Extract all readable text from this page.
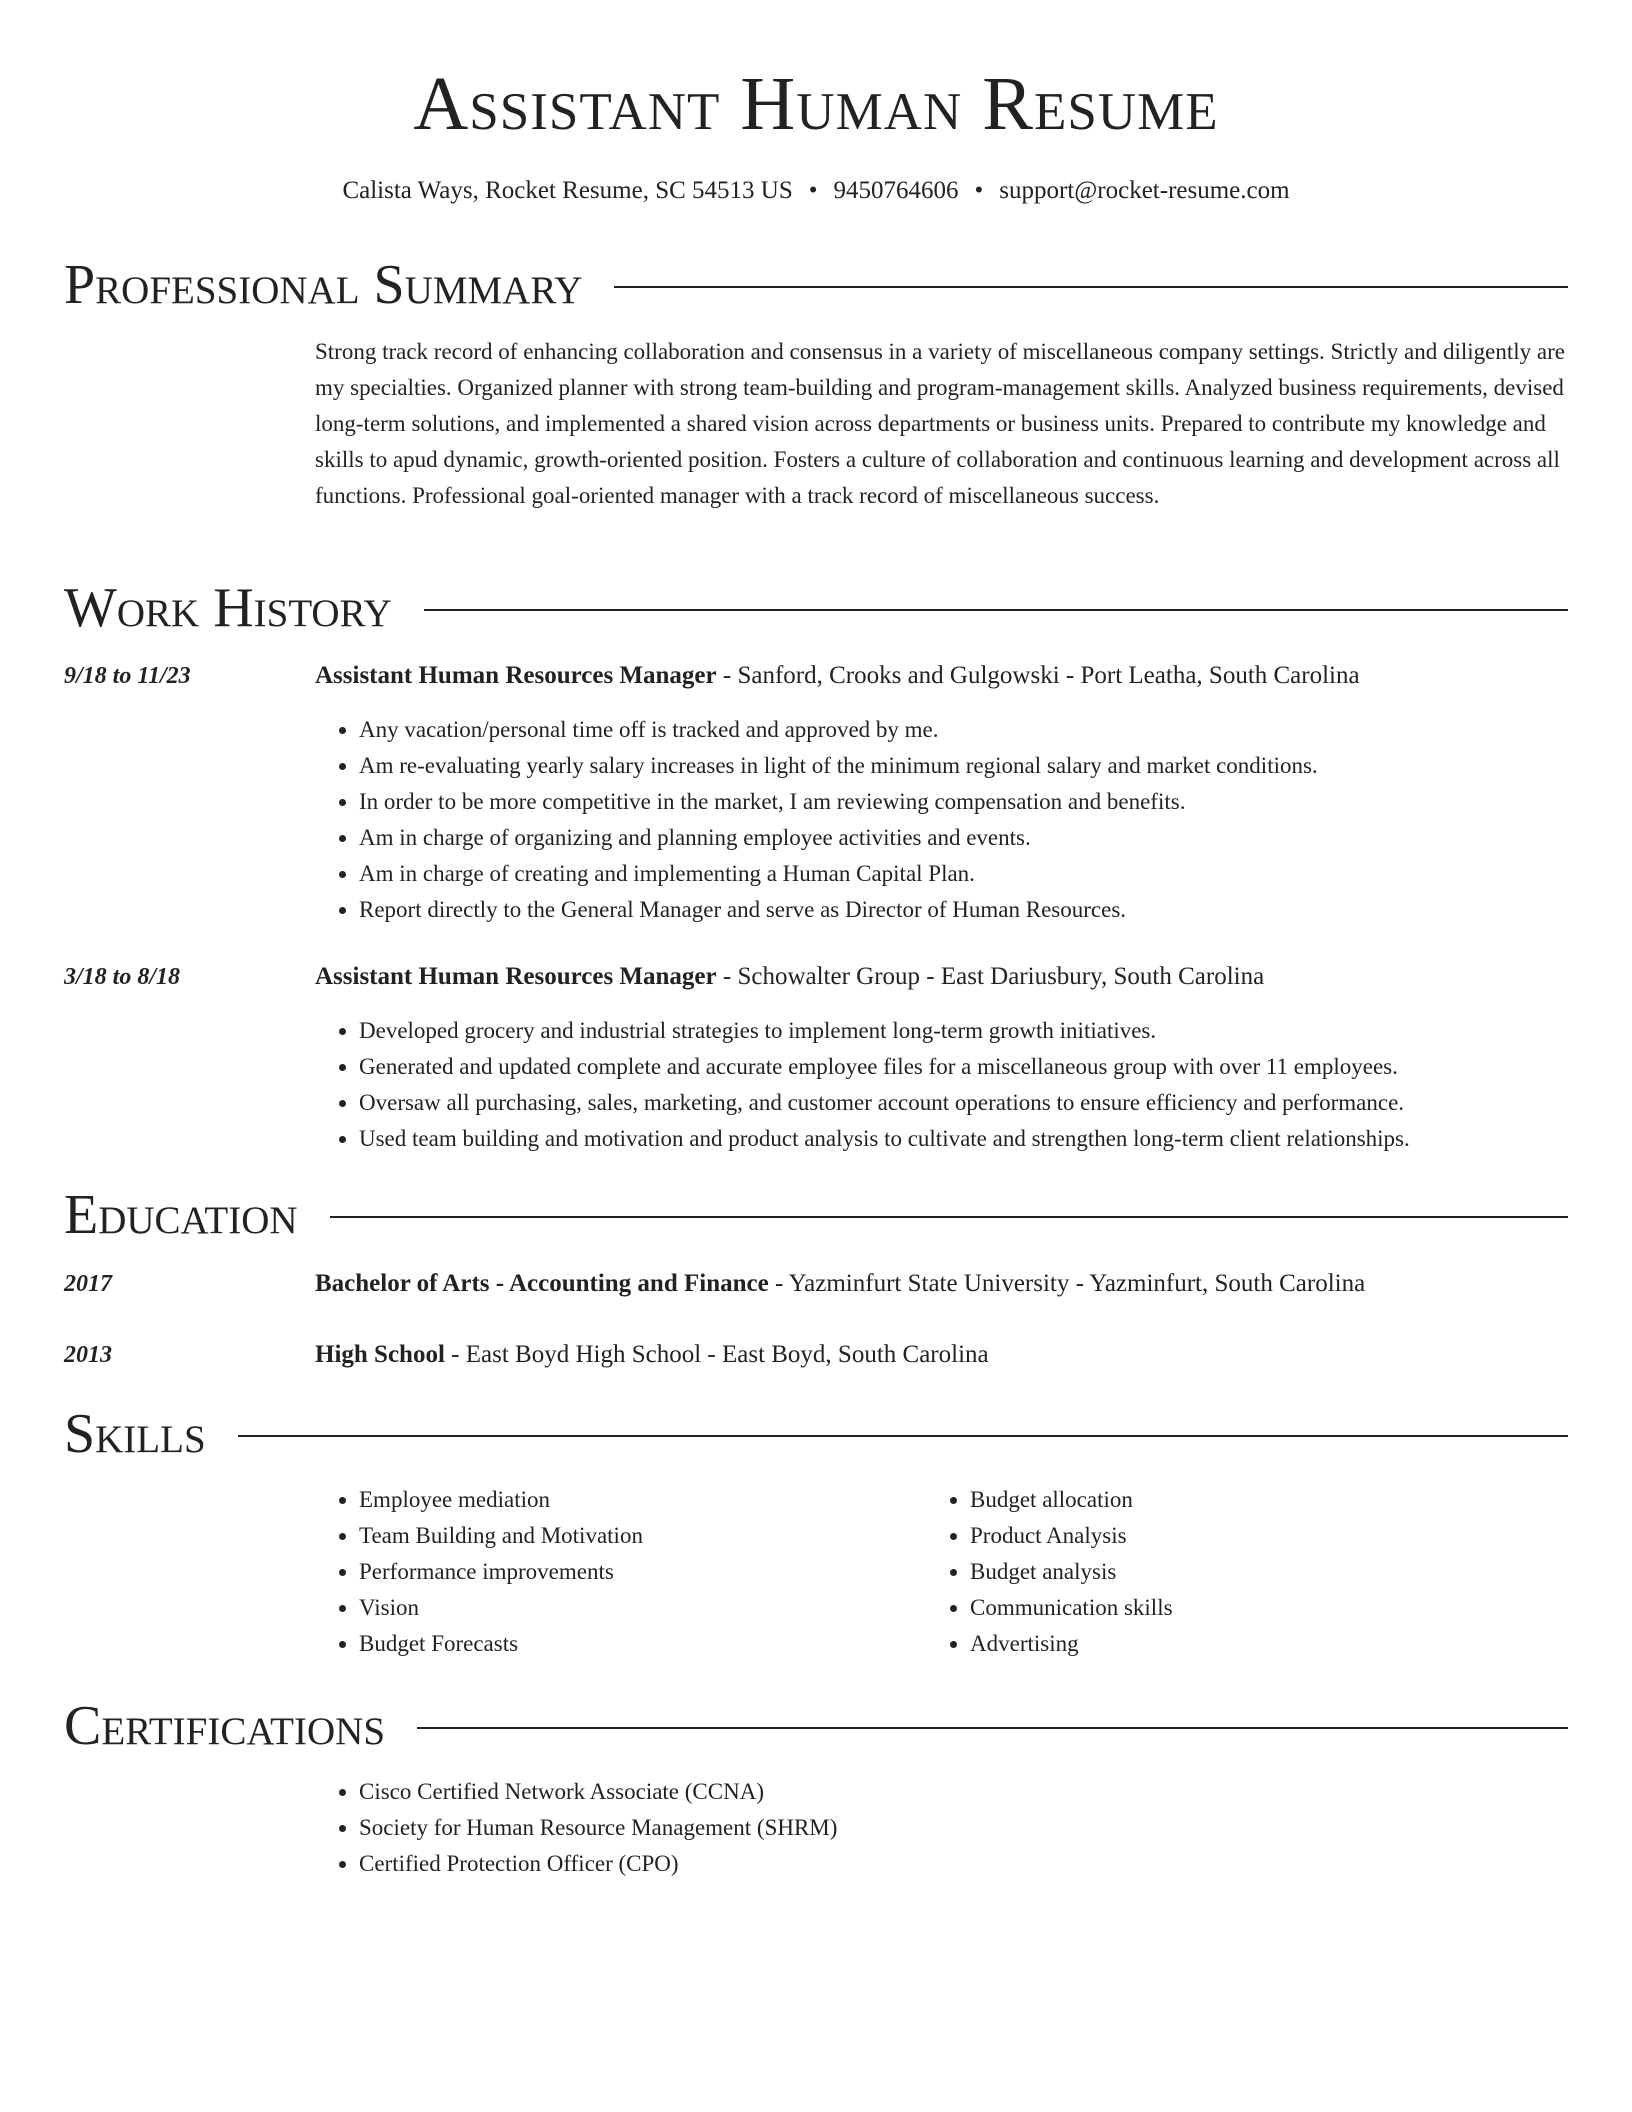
Assistant Human Resume
Calista Ways, Rocket Resume, SC 54513 US • 9450764606 • support@rocket-resume.com
Professional Summary
Strong track record of enhancing collaboration and consensus in a variety of miscellaneous company settings. Strictly and diligently are my specialties. Organized planner with strong team-building and program-management skills. Analyzed business requirements, devised long-term solutions, and implemented a shared vision across departments or business units. Prepared to contribute my knowledge and skills to apud dynamic, growth-oriented position. Fosters a culture of collaboration and continuous learning and development across all functions. Professional goal-oriented manager with a track record of miscellaneous success.
Work History
9/18 to 11/23	Assistant Human Resources Manager - Sanford, Crooks and Gulgowski - Port Leatha, South Carolina
• Any vacation/personal time off is tracked and approved by me.
• Am re-evaluating yearly salary increases in light of the minimum regional salary and market conditions.
• In order to be more competitive in the market, I am reviewing compensation and benefits.
• Am in charge of organizing and planning employee activities and events.
• Am in charge of creating and implementing a Human Capital Plan.
• Report directly to the General Manager and serve as Director of Human Resources.
3/18 to 8/18	Assistant Human Resources Manager - Schowalter Group - East Dariusbury, South Carolina
• Developed grocery and industrial strategies to implement long-term growth initiatives.
• Generated and updated complete and accurate employee files for a miscellaneous group with over 11 employees.
• Oversaw all purchasing, sales, marketing, and customer account operations to ensure efficiency and performance.
• Used team building and motivation and product analysis to cultivate and strengthen long-term client relationships.
Education
2017	Bachelor of Arts - Accounting and Finance - Yazminfurt State University - Yazminfurt, South Carolina
2013	High School - East Boyd High School - East Boyd, South Carolina
Skills
• Employee mediation
• Team Building and Motivation
• Performance improvements
• Vision
• Budget Forecasts
• Budget allocation
• Product Analysis
• Budget analysis
• Communication skills
• Advertising
Certifications
• Cisco Certified Network Associate (CCNA)
• Society for Human Resource Management (SHRM)
• Certified Protection Officer (CPO)
